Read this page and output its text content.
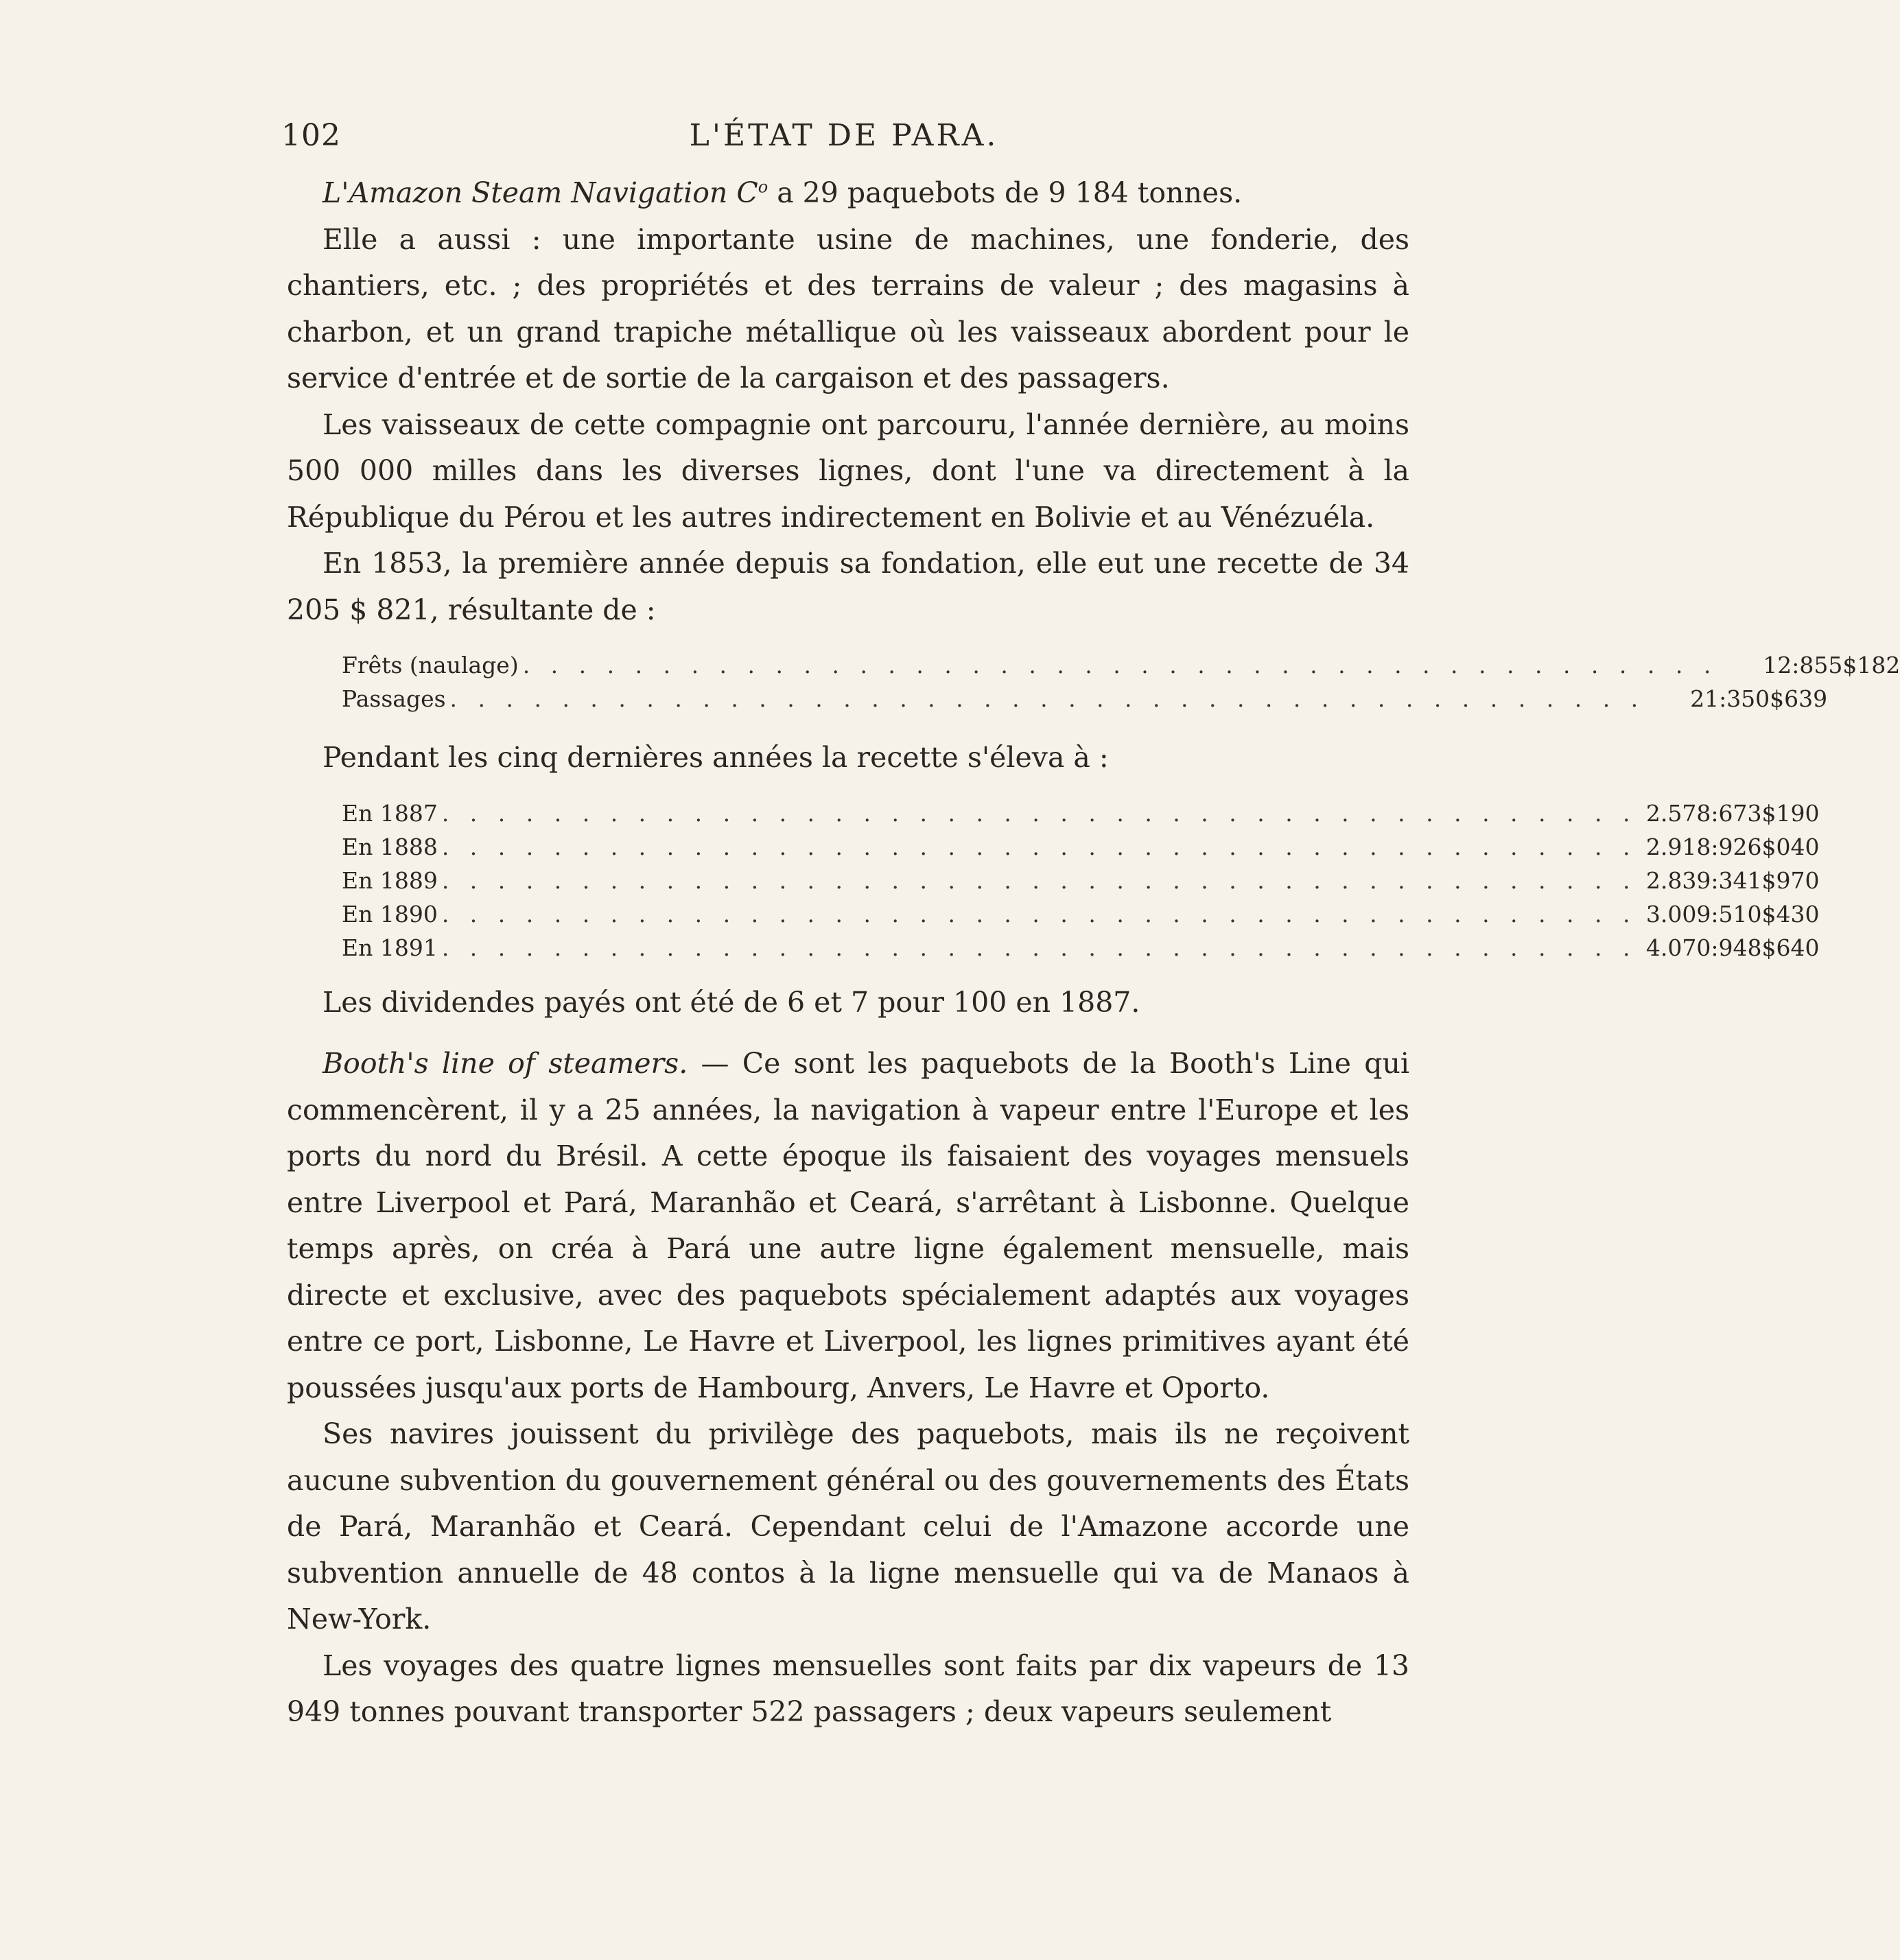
102	L'ÉTAT DE PARA.

L'Amazon Steam Navigation $C^o$ a 29 paquebots de 9 184 tonnes.

Elle a aussi : une importante usine de machines, une fonderie, des chantiers, etc. ; des propriétés et des terrains de valeur ; des magasins à charbon, et un grand trapiche métallique où les vaisseaux abordent pour le service d'entrée et de sortie de la cargaison et des passagers.

Les vaisseaux de cette compagnie ont parcouru, l'année dernière, au moins 500 000 milles dans les diverses lignes, dont l'une va directement à la République du Pérou et les autres indirectement en Bolivie et au Vénézuéla.

En 1853, la première année depuis sa fondation, elle eut une recette de 34 205 $ 821, résultante de :

Frêts (naulage) . . . . . . . . . . . . . . . . . . . . . . . . . . . . . . . . . . . . . . . . . . .	12:855$182
Passages . . . . . . . . . . . . . . . . . . . . . . . . . . . . . . . . . . . . . . . . . . .	21:350$639

Pendant les cinq dernières années la recette s'éleva à :

En 1887 . . . . . . . . . . . . . . . . . . . . . . . . . . . . . . . . . . . . . . . . . . . 2.578:673$190
En 1888 . . . . . . . . . . . . . . . . . . . . . . . . . . . . . . . . . . . . . . . . . . . 2.918:926$040
En 1889 . . . . . . . . . . . . . . . . . . . . . . . . . . . . . . . . . . . . . . . . . . . 2.839:341$970
En 1890 . . . . . . . . . . . . . . . . . . . . . . . . . . . . . . . . . . . . . . . . . . . 3.009:510$430
En 1891 . . . . . . . . . . . . . . . . . . . . . . . . . . . . . . . . . . . . . . . . . . . 4.070:948$640

Les dividendes payés ont été de 6 et 7 pour 100 en 1887.

Booth's line of steamers. — Ce sont les paquebots de la Booth's Line qui commencèrent, il y a 25 années, la navigation à vapeur entre l'Europe et les ports du nord du Brésil. A cette époque ils faisaient des voyages mensuels entre Liverpool et Pará, Maranhão et Ceará, s'arrêtant à Lisbonne. Quelque temps après, on créa à Pará une autre ligne également mensuelle, mais directe et exclusive, avec des paquebots spécialement adaptés aux voyages entre ce port, Lisbonne, Le Havre et Liverpool, les lignes primitives ayant été poussées jusqu'aux ports de Hambourg, Anvers, Le Havre et Oporto.

Ses navires jouissent du privilège des paquebots, mais ils ne reçoivent aucune subvention du gouvernement général ou des gouvernements des États de Pará, Maranhão et Ceará. Cependant celui de l'Amazone accorde une subvention annuelle de 48 contos à la ligne mensuelle qui va de Manaos à New-York.

Les voyages des quatre lignes mensuelles sont faits par dix vapeurs de 13 949 tonnes pouvant transporter 522 passagers ; deux vapeurs seulement
